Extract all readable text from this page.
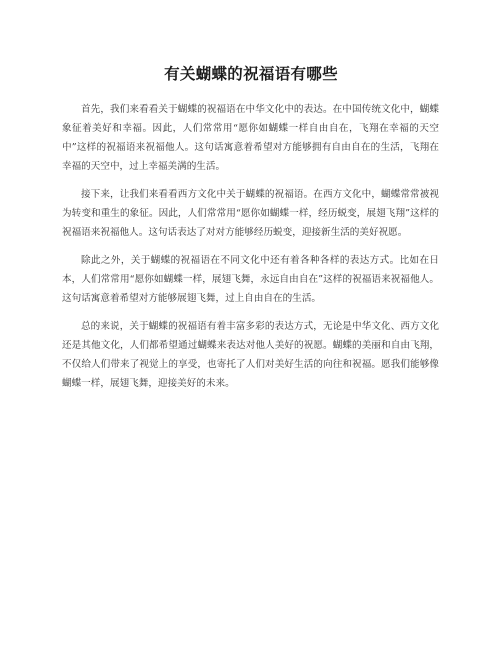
有关蝴蝶的祝福语有哪些

首先，我们来看看关于蝴蝶的祝福语在中华文化中的表达。在中国传统文化中，蝴蝶象征着美好和幸福。因此，人们常常用“愿你如蝴蝶一样自由自在，飞翔在幸福的天空中”这样的祝福语来祝福他人。这句话寓意着希望对方能够拥有自由自在的生活，飞翔在幸福的天空中，过上幸福美满的生活。

接下来，让我们来看看西方文化中关于蝴蝶的祝福语。在西方文化中，蝴蝶常常被视为转变和重生的象征。因此，人们常常用“愿你如蝴蝶一样，经历蜕变，展翅飞翔”这样的祝福语来祝福他人。这句话表达了对对方能够经历蜕变，迎接新生活的美好祝愿。

除此之外，关于蝴蝶的祝福语在不同文化中还有着各种各样的表达方式。比如在日本，人们常常用“愿你如蝴蝶一样，展翅飞舞，永远自由自在”这样的祝福语来祝福他人。这句话寓意着希望对方能够展翅飞舞，过上自由自在的生活。

总的来说，关于蝴蝶的祝福语有着丰富多彩的表达方式，无论是中华文化、西方文化还是其他文化，人们都希望通过蝴蝶来表达对他人美好的祝愿。蝴蝶的美丽和自由飞翔，不仅给人们带来了视觉上的享受，也寄托了人们对美好生活的向往和祝福。愿我们能够像蝴蝶一样，展翅飞舞，迎接美好的未来。
